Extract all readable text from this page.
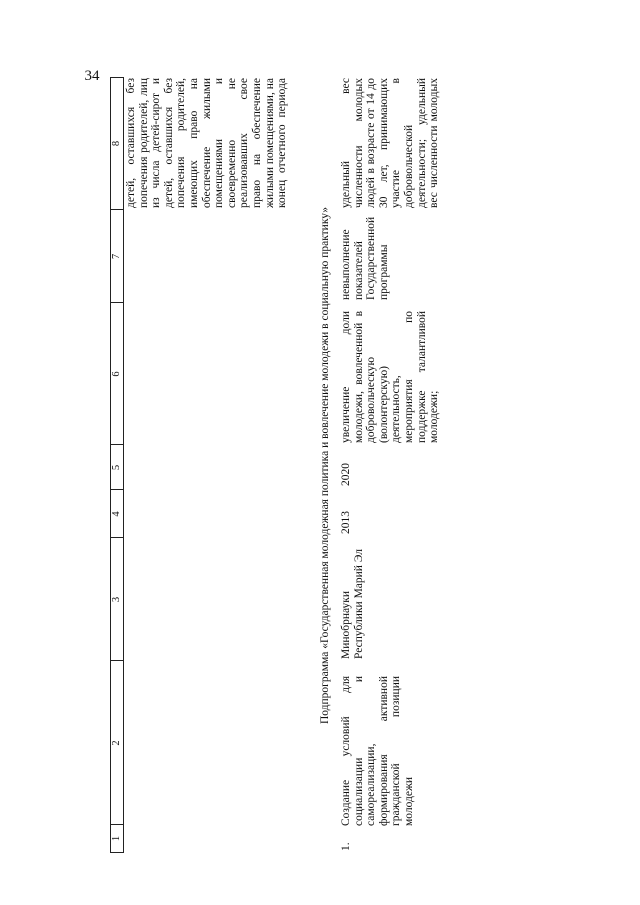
34
1
2
3
4
5
6
7
8 детей, оставшихся без попечения родителей, лиц из числа детей-сирот и детей, оставшихся без попечения родителей, имеющих право на обеспечение жилыми помещениями и своевременно не реализовавших свое право на обеспечение жилыми помещениями, на конец отчетного периода
Подпрограмма «Государственная молодежная политика и вовлечение молодежи в социальную практику»
1.
Создание условий для социализации и самореализации, формирования активной гражданской позиции молодежи
Минобрнауки Республики Марий Эл
2013
2020
увеличение доли молодежи, вовлеченной в добровольческую (волонтерскую) деятельность, мероприятия по поддержке талантливой молодежи;
невыполнение показателей Государственной программы
удельный вес численности молодых людей в возрасте от 14 до 30 лет, принимающих участие в добровольческой деятельности; удельный вес численности молодых
